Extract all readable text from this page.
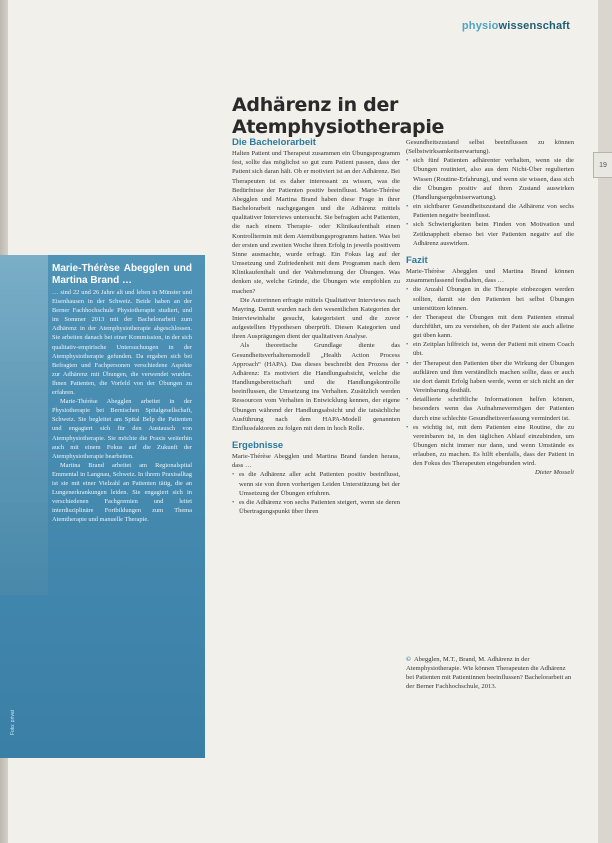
physiowissenschaft
19
Adhärenz in der Atemphysiotherapie
Die Bachelorarbeit

Halten Patient und Therapeut zusammen ein Übungsprogramm fest, sollte das möglichst so gut zum Patient passen, dass der Patient sich daran hält. Ob er motiviert ist an der Adhärenz. Bei Therapeuten ist es daher interessant zu wissen, was die Bedürfnisse der Patienten positiv beeinflusst. Marie-Thérèse Abegglen und Martina Brand haben diese Frage in ihrer Bachelorarbeit nachgegangen und die Adhärenz mittels qualitativer Interviews untersucht. Sie befragten acht Patienten, die nach einem Therapie- oder Klinikaufenthalt einen Kontrolltermin mit dem Atemübungsprogramm hatten. Was bei der ersten und zweiten Woche ihren Erfolg in jeweils positivem Sinne ausmachte, wurde erfragt. Ein Fokus lag auf der Umsetzung und Zufriedenheit mit dem Programm nach dem Klinikaufenthalt und der Wahrnehmung der Übungen. Was denken sie, welche Gründe, die Übungen wie empfohlen zu machen?

Die Autorinnen erfragte mittels Qualitativer Interviews nach Mayring. Damit wurden nach den wesentlichen Kategorien der Interviewinhalte gesucht, kategorisiert und die zuvor aufgestellten Hypothesen überprüft. Diesen Kategorien und ihren Ausprägungen dient der qualitativen Analyse.

Als theoretische Grundlage diente das Gesundheitsverhaltensmodell „Health Action Process Approach“ (HAPA). Das dieses beschreibt den Prozess der Adhärenz: Es motiviert die Handlungsabsicht, welche die Handlungsbereitschaft und die Handlungskontrolle beeinflussen, die Umsetzung ins Verhalten. Zusätzlich werden Ressourcen vom Verhalten in Entwicklung kennen, der eigene Übungen während der Handlungsabsicht und die tatsächliche Ausführung nach dem HAPA-Modell genannten Einflussfaktoren zu folgen mit dem in hoch Rolle.

Ergebnisse

Marie-Thérèse Abegglen und Martina Brand fanden heraus, dass …

• es die Adhärenz aller acht Patienten positiv beeinflusst, wenn sie von ihren vorherigen Leiden Unterstützung bei der Umsetzung der Übungen erfuhren.
• es die Adhärenz von sechs Patienten steigert, wenn sie deren Übertragungspunkt über ihren

Gesundheitszustand selbst beeinflussen zu können (Selbstwirksamkeitserwartung).

• sich fünf Patienten adhärenter verhalten, wenn sie die Übungen routiniert, also aus dem Nicht-Über regulierten Wissen (Routine-Erfahrung), und wenn sie wissen, dass sich die Übungen positiv auf ihren Zustand auswirken (Handlungsergebniserwartung).
• ein sichtbarer Gesundheitszustand die Adhärenz von sechs Patienten negativ beeinflusst.
• sich Schwierigkeiten beim Finden von Motivation und Zeitknappheit ebenso bei vier Patienten negativ auf die Adhärenz auswirken.
Fazit

Marie-Thérèse Abegglen und Martina Brand können zusammenfassend festhalten, dass …

• die Anzahl Übungen in die Therapie einbezogen werden sollten, damit sie den Patienten bei selbst Übungen unterstützen können.
• der Therapeut die Übungen mit dem Patienten einmal durchführt, um zu verstehen, ob der Patient sie auch alleine gut üben kann.
• ein Zeitplan hilfreich ist, wenn der Patient mit einem Coach übt.
• der Therapeut den Patienten über die Wirkung der Übungen aufklären und ihm verständlich machen sollte, dass er auch sie dort damit Erfolg haben werde, wenn er sich nicht an der Vereinbarung festhält.
• detaillierte schriftliche Informationen helfen können, besonders wenn das Aufnahmevermögen der Patienten durch eine schlechte Gesundheitsverfassung vermindert ist.
• es wichtig ist, mit dem Patienten eine Routine, die zu vereinbaren ist, in den täglichen Ablauf einzubinden, um Übungen nicht immer nur dann, und wenn Umstände es erlauben, zu machen. Es hilft ebenfalls, dass der Patient in den Fokus des Therapeuten eingebunden wird.
Dieter Mosseli
© Abegglen, M.T., Brand, M. Adhärenz in der Atemphysiotherapie. Wie können Therapeuten die Adhärenz bei Patienten mit Patientinnen beeinflussen? Bachelorarbeit an der Berner Fachhochschule, 2013.
Marie-Thérèse Abegglen und Martina Brand …

… sind 22 und 26 Jahre alt und leben in Münster und Eisenhausen in der Schweiz. Beide haben an der Berner Fachhochschule Physiotherapie studiert, und im Sommer 2013 mit der Bachelorarbeit zum Adhärenz in der Atemphysiotherapie abgeschlossen. Sie arbeiten danach bei einer Kommission, in der sich qualitativ-empirische Untersuchungen in der Atemphysiotherapie gefunden. Da ergaben sich bei Befragten und Fachpersonen verschiedene Aspekte zur Adhärenz mit Übungen, die verwendet wurden. Ihnen Patienten, die Vorfeld von der Übungen zu erfahren.

Marie-Thérèse Abegglen arbeitet in der Physiotherapie bei Bernischen Spitalgesellschaft, Schweiz. Sie begleitet am Spital Belp die Patienten und engagiert sich für den Austausch von Atemphysiotherapie. Sie möchte die Praxis weiterhin auch mit einem Fokus auf die Zukunft der Atemphysiotherapie bearbeiten.

Martina Brand arbeitet am Regionalspital Emmental in Langnau, Schweiz. In ihrem Praxisalltag ist sie mit einer Vielzahl an Patienten tätig, die an Lungenerkrankungen leiden. Sie engagiert sich in verschiedenen Fachgremien und leitet interdisziplinäre Fortbildungen zum Thema Atemtherapie und manuelle Therapie.

Foto: privat
